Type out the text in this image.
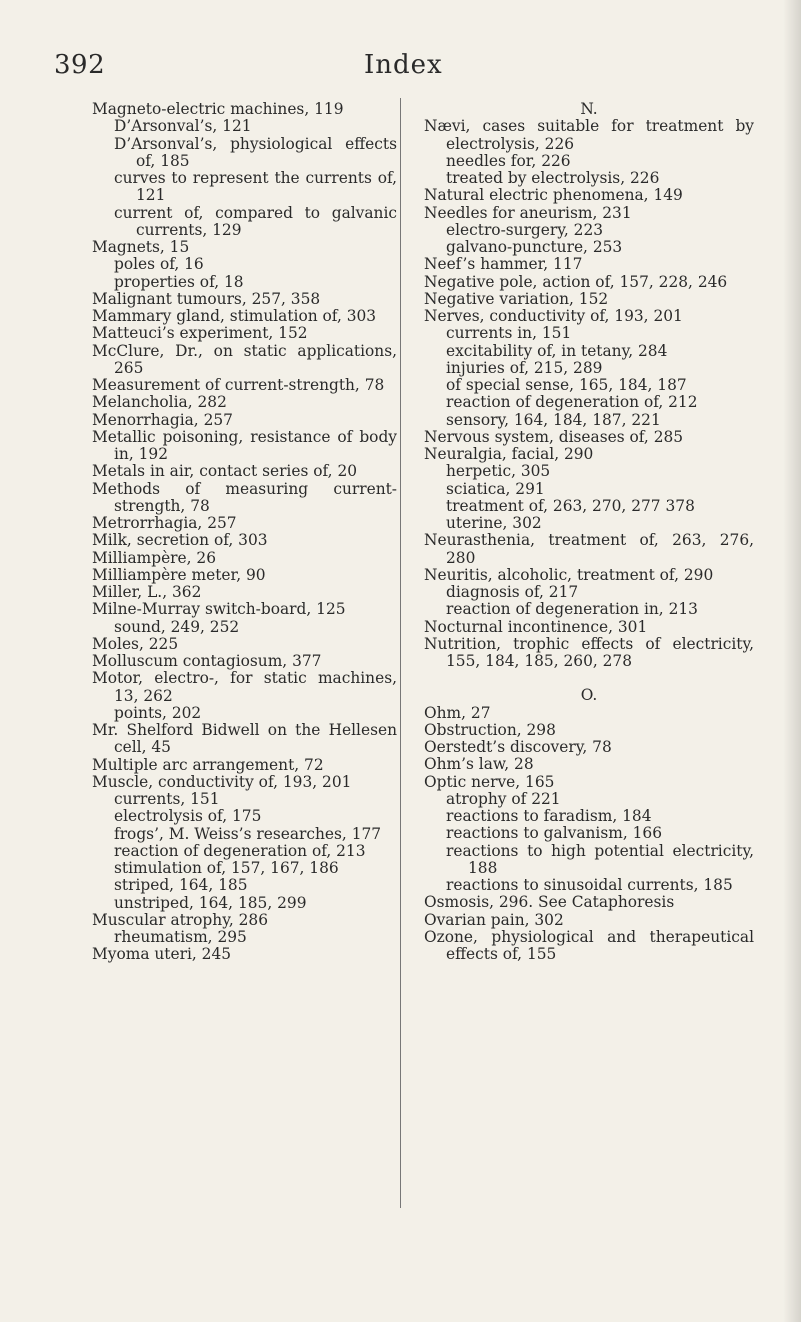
392	Index
Magneto-electric machines, 119
D’Arsonval’s, 121
D’Arsonval’s, physiological effects of, 185
curves to represent the currents of, 121
current of, compared to galvanic currents, 129
Magnets, 15
poles of, 16
properties of, 18
Malignant tumours, 257, 358
Mammary gland, stimulation of, 303
Matteuci’s experiment, 152
McClure, Dr., on static applications, 265
Measurement of current-strength, 78
Melancholia, 282
Menorrhagia, 257
Metallic poisoning, resistance of body in, 192
Metals in air, contact series of, 20
Methods of measuring current-strength, 78
Metrorrhagia, 257
Milk, secretion of, 303
Milliampère, 26
Milliampère meter, 90
Miller, L., 362
Milne-Murray switch-board, 125
sound, 249, 252
Moles, 225
Molluscum contagiosum, 377
Motor, electro-, for static machines, 13, 262
points, 202
Mr. Shelford Bidwell on the Hellesen cell, 45
Multiple arc arrangement, 72
Muscle, conductivity of, 193, 201
currents, 151
electrolysis of, 175
frogs’, M. Weiss’s researches, 177
reaction of degeneration of, 213
stimulation of, 157, 167, 186
striped, 164, 185
unstriped, 164, 185, 299
Muscular atrophy, 286
rheumatism, 295
Myoma uteri, 245
N.
Nævi, cases suitable for treatment by electrolysis, 226
needles for, 226
treated by electrolysis, 226
Natural electric phenomena, 149
Needles for aneurism, 231
electro-surgery, 223
galvano-puncture, 253
Neef’s hammer, 117
Negative pole, action of, 157, 228, 246
Negative variation, 152
Nerves, conductivity of, 193, 201
currents in, 151
excitability of, in tetany, 284
injuries of, 215, 289
of special sense, 165, 184, 187
reaction of degeneration of, 212
sensory, 164, 184, 187, 221
Nervous system, diseases of, 285
Neuralgia, facial, 290
herpetic, 305
sciatica, 291
treatment of, 263, 270, 277 378
uterine, 302
Neurasthenia, treatment of, 263, 276, 280
Neuritis, alcoholic, treatment of, 290
diagnosis of, 217
reaction of degeneration in, 213
Nocturnal incontinence, 301
Nutrition, trophic effects of electricity, 155, 184, 185, 260, 278
O.
Ohm, 27
Obstruction, 298
Oerstedt’s discovery, 78
Ohm’s law, 28
Optic nerve, 165
atrophy of 221
reactions to faradism, 184
reactions to galvanism, 166
reactions to high potential electricity, 188
reactions to sinusoidal currents, 185
Osmosis, 296. See Cataphoresis
Ovarian pain, 302
Ozone, physiological and therapeutical effects of, 155
